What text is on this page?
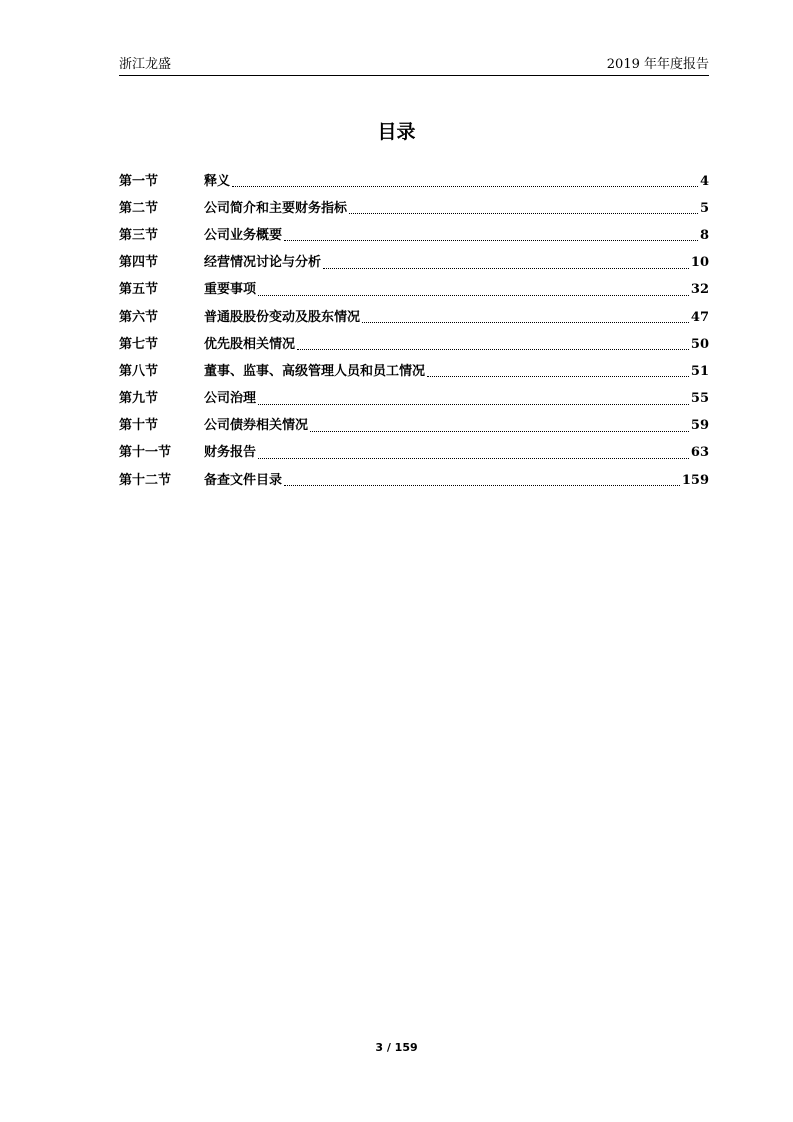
浙江龙盛	2019 年年度报告
目录
第一节	释义	4
第二节	公司简介和主要财务指标	5
第三节	公司业务概要	8
第四节	经营情况讨论与分析	10
第五节	重要事项	32
第六节	普通股股份变动及股东情况	47
第七节	优先股相关情况	50
第八节	董事、监事、高级管理人员和员工情况	51
第九节	公司治理	55
第十节	公司债券相关情况	59
第十一节	财务报告	63
第十二节	备查文件目录	159
3 / 159
